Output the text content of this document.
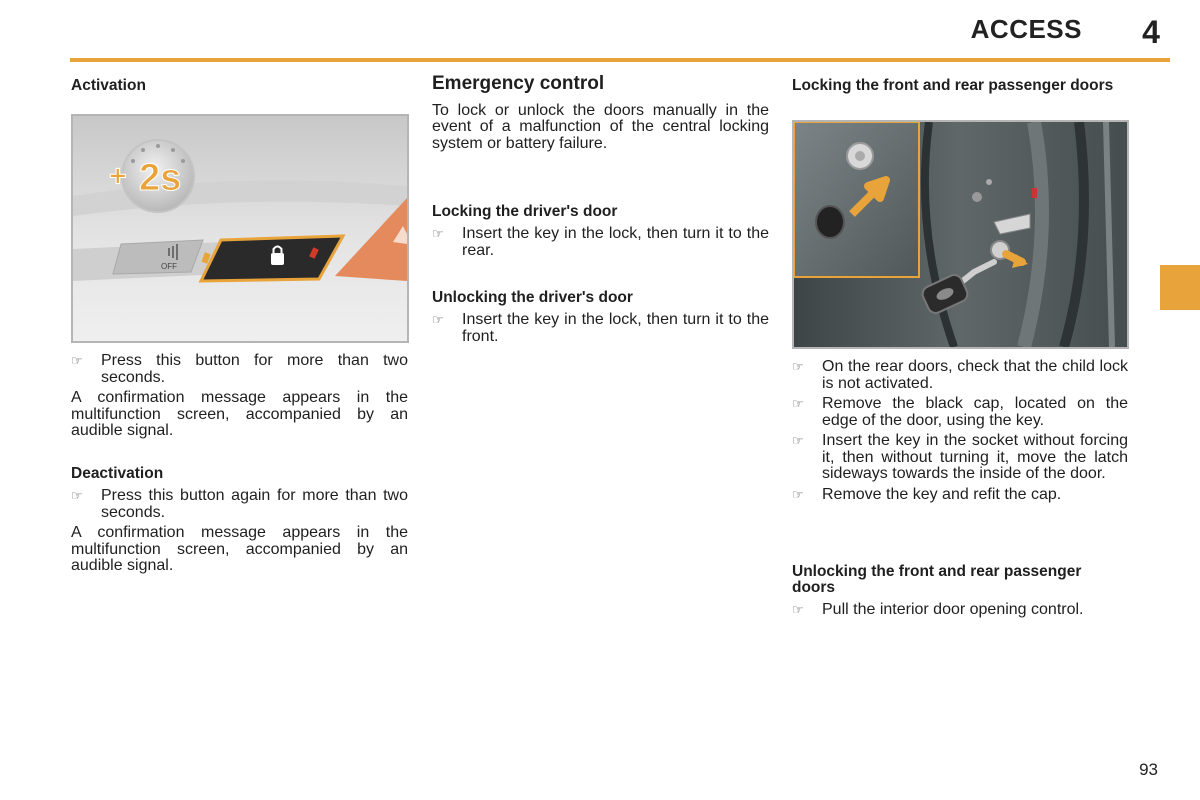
ACCESS 4
Activation
+ 2s
OFF
☞ Press this button for more than two seconds.
A confirmation message appears in the multifunction screen, accompanied by an audible signal.
Deactivation
☞ Press this button again for more than two seconds.
A confirmation message appears in the multifunction screen, accompanied by an audible signal.
Emergency control
To lock or unlock the doors manually in the event of a malfunction of the central locking system or battery failure.
Locking the driver's door
☞ Insert the key in the lock, then turn it to the rear.
Unlocking the driver's door
☞ Insert the key in the lock, then turn it to the front.
Locking the front and rear passenger doors
☞ On the rear doors, check that the child lock is not activated.
☞ Remove the black cap, located on the edge of the door, using the key.
☞ Insert the key in the socket without forcing it, then without turning it, move the latch sideways towards the inside of the door.
☞ Remove the key and refit the cap.
Unlocking the front and rear passenger doors
☞ Pull the interior door opening control.
93
